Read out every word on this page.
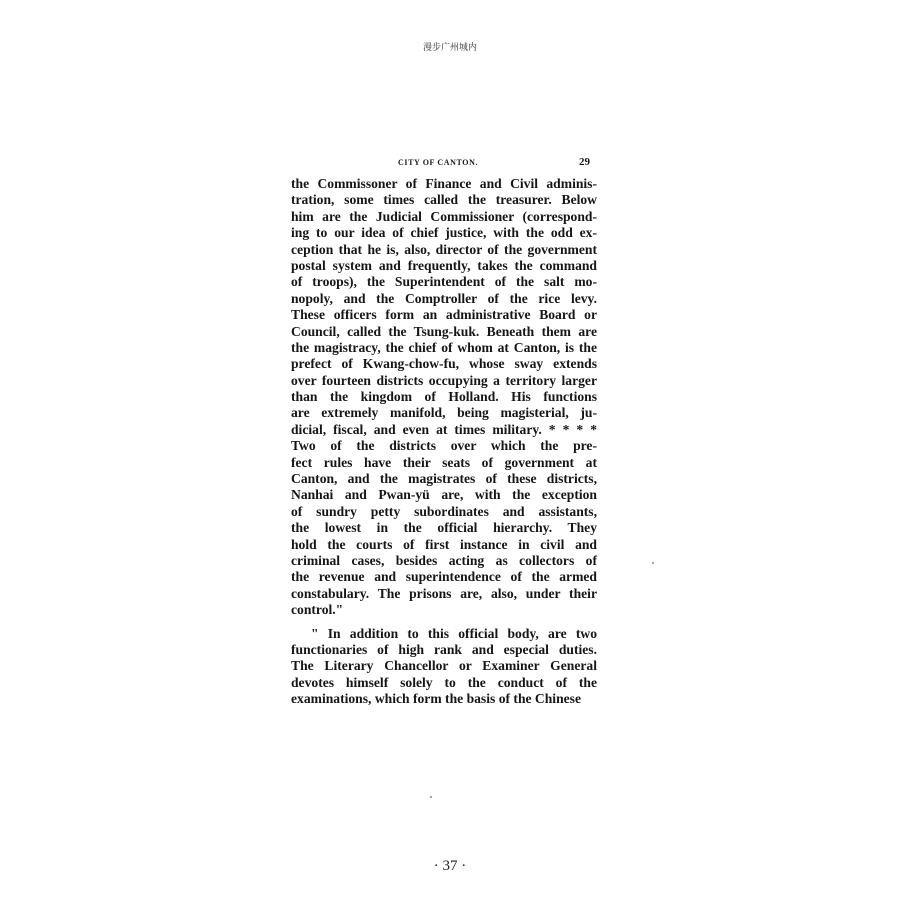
漫步广州城内
CITY OF CANTON.	29
the Commissoner of Finance and Civil adminis-
tration, some times called the treasurer. Below
him are the Judicial Commissioner (correspond-
ing to our idea of chief justice, with the odd ex-
ception that he is, also, director of the government
postal system and frequently, takes the command
of troops), the Superintendent of the salt mo-
nopoly, and the Comptroller of the rice levy.
These officers form an administrative Board or
Council, called the Tsung-kuk. Beneath them are
the magistracy, the chief of whom at Canton, is the
prefect of Kwang-chow-fu, whose sway extends
over fourteen districts occupying a territory larger
than the kingdom of Holland. His functions
are extremely manifold, being magisterial, ju-
dicial, fiscal, and even at times military. * * * *
Two of the districts over which the pre-
fect rules have their seats of government at
Canton, and the magistrates of these districts,
Nanhai and Pwan-yü are, with the exception
of sundry petty subordinates and assistants,
the lowest in the official hierarchy. They
hold the courts of first instance in civil and
criminal cases, besides acting as collectors of
the revenue and superintendence of the armed
constabulary. The prisons are, also, under their
control."
" In addition to this official body, are two
functionaries of high rank and especial duties.
The Literary Chancellor or Examiner General
devotes himself solely to the conduct of the
examinations, which form the basis of the Chinese
· 37 ·
